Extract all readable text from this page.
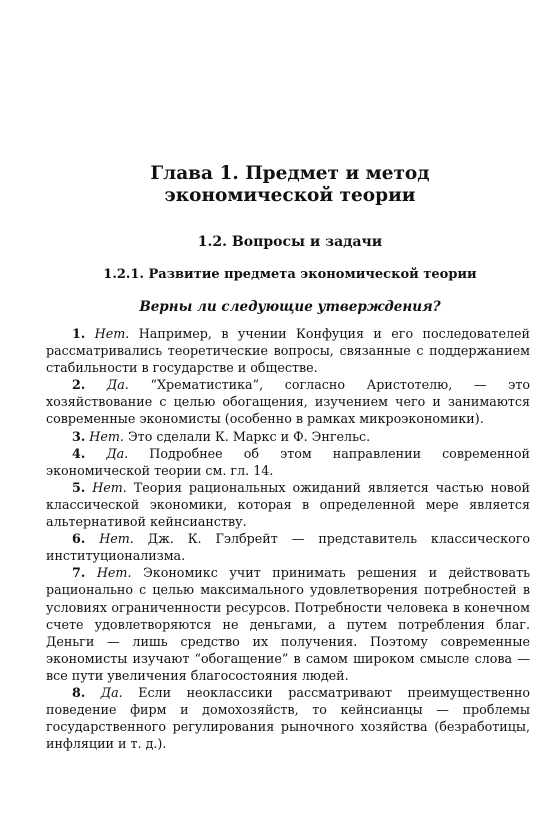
Глава 1. Предмет и метод
экономической теории
1.2. Вопросы и задачи
1.2.1. Развитие предмета экономической теории
Верны ли следующие утверждения?

1. Нет. Например, в учении Конфуция и его последователей рассматривались теоретические вопросы, связанные с поддержанием стабильности в государстве и обществе.

2. Да. “Хрематистика”, согласно Аристотелю, — это хозяйствование с целью обогащения, изучением чего и занимаются современные экономисты (особенно в рамках микроэкономики).

3. Нет. Это сделали К. Маркс и Ф. Энгельс.

4. Да. Подробнее об этом направлении современной экономической теории см. гл. 14.

5. Нет. Теория рациональных ожиданий является частью новой классической экономики, которая в определенной мере является альтернативой кейнсианству.

6. Нет. Дж. К. Гэлбрейт — представитель классического институционализма.

7. Нет. Экономикс учит принимать решения и действовать рационально с целью максимального удовлетворения потребностей в условиях ограниченности ресурсов. Потребности человека в конечном счете удовлетворяются не деньгами, а путем потребления благ. Деньги — лишь средство их получения. Поэтому современные экономисты изучают “обогащение” в самом широком смысле слова — все пути увеличения благосостояния людей.

8. Да. Если неоклассики рассматривают преимущественно поведение фирм и домохозяйств, то кейнсианцы — проблемы государственного регулирования рыночного хозяйства (безработицы, инфляции и т. д.).
